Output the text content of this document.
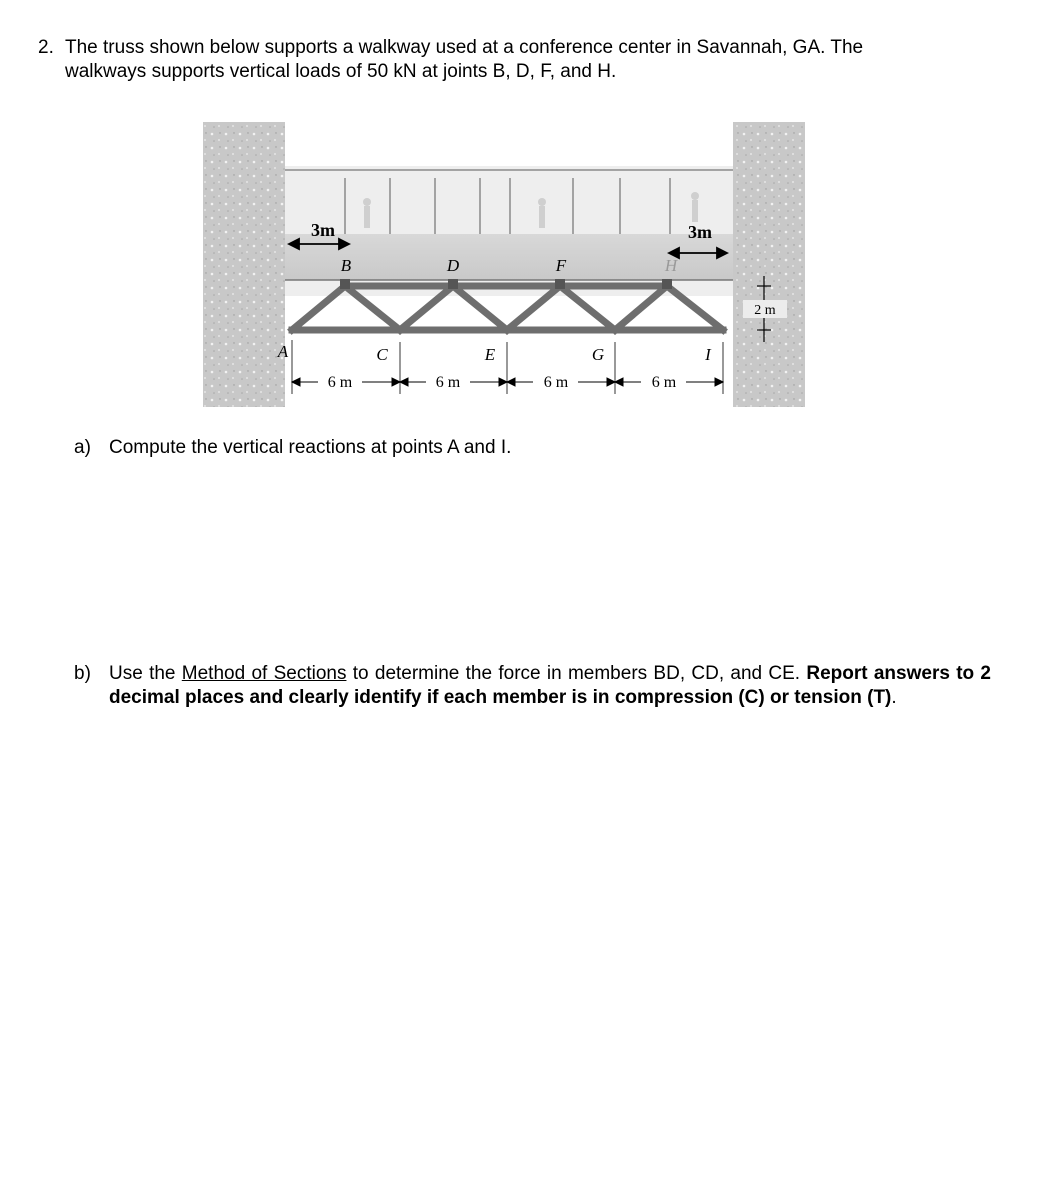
2. The truss shown below supports a walkway used at a conference center in Savannah, GA. The
walkways supports vertical loads of 50 kN at joints B, D, F, and H.
B	D	F	H
A	C	E	G	I
3m	3m
2 m
6 m	6 m	6 m	6 m
a) Compute the vertical reactions at points A and I.
b) Use the Method of Sections to determine the force in members BD, CD, and CE. Report answers to 2 decimal places and clearly identify if each member is in compression (C) or tension (T).
